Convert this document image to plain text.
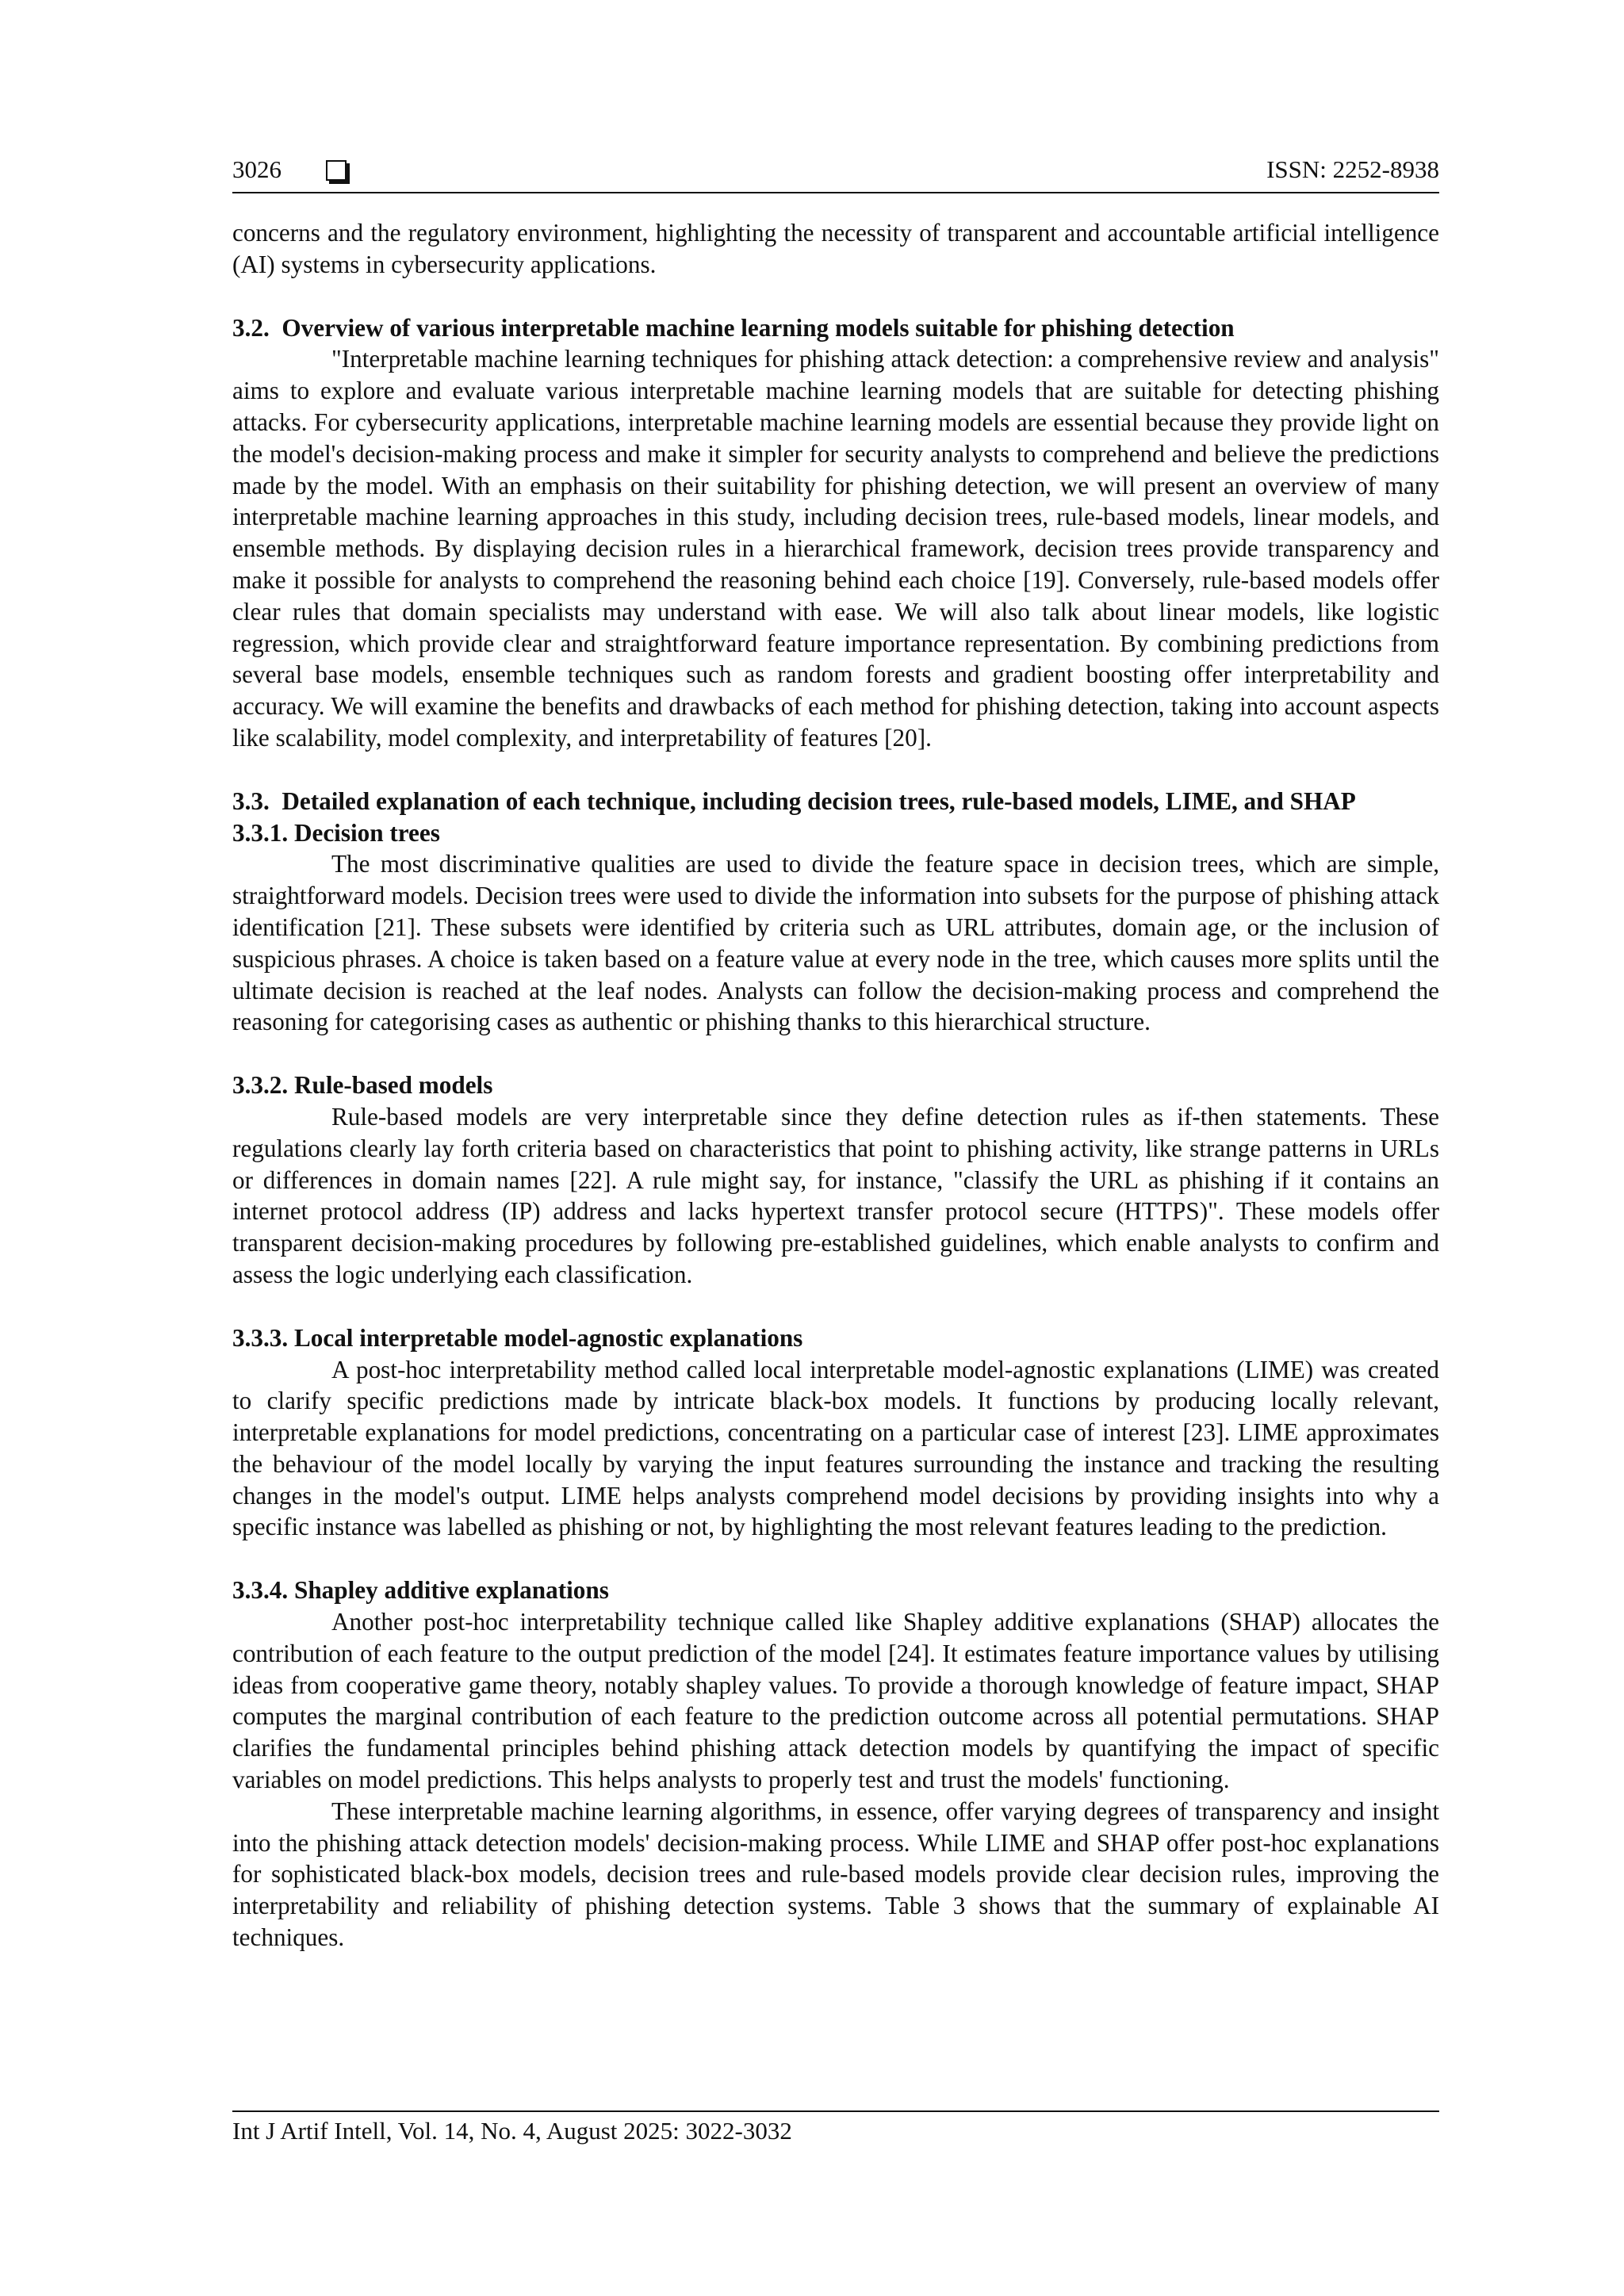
3026	ISSN: 2252-8938

concerns and the regulatory environment, highlighting the necessity of transparent and accountable artificial intelligence (AI) systems in cybersecurity applications.

3.2.  Overview of various interpretable machine learning models suitable for phishing detection

"Interpretable machine learning techniques for phishing attack detection: a comprehensive review and analysis" aims to explore and evaluate various interpretable machine learning models that are suitable for detecting phishing attacks. For cybersecurity applications, interpretable machine learning models are essential because they provide light on the model's decision-making process and make it simpler for security analysts to comprehend and believe the predictions made by the model. With an emphasis on their suitability for phishing detection, we will present an overview of many interpretable machine learning approaches in this study, including decision trees, rule-based models, linear models, and ensemble methods. By displaying decision rules in a hierarchical framework, decision trees provide transparency and make it possible for analysts to comprehend the reasoning behind each choice [19]. Conversely, rule-based models offer clear rules that domain specialists may understand with ease. We will also talk about linear models, like logistic regression, which provide clear and straightforward feature importance representation. By combining predictions from several base models, ensemble techniques such as random forests and gradient boosting offer interpretability and accuracy. We will examine the benefits and drawbacks of each method for phishing detection, taking into account aspects like scalability, model complexity, and interpretability of features [20].

3.3.  Detailed explanation of each technique, including decision trees, rule-based models, LIME, and SHAP
3.3.1. Decision trees

The most discriminative qualities are used to divide the feature space in decision trees, which are simple, straightforward models. Decision trees were used to divide the information into subsets for the purpose of phishing attack identification [21]. These subsets were identified by criteria such as URL attributes, domain age, or the inclusion of suspicious phrases. A choice is taken based on a feature value at every node in the tree, which causes more splits until the ultimate decision is reached at the leaf nodes. Analysts can follow the decision-making process and comprehend the reasoning for categorising cases as authentic or phishing thanks to this hierarchical structure.

3.3.2. Rule-based models

Rule-based models are very interpretable since they define detection rules as if-then statements. These regulations clearly lay forth criteria based on characteristics that point to phishing activity, like strange patterns in URLs or differences in domain names [22]. A rule might say, for instance, "classify the URL as phishing if it contains an internet protocol address (IP) address and lacks hypertext transfer protocol secure (HTTPS)". These models offer transparent decision-making procedures by following pre-established guidelines, which enable analysts to confirm and assess the logic underlying each classification.

3.3.3. Local interpretable model-agnostic explanations

A post-hoc interpretability method called local interpretable model-agnostic explanations (LIME) was created to clarify specific predictions made by intricate black-box models. It functions by producing locally relevant, interpretable explanations for model predictions, concentrating on a particular case of interest [23]. LIME approximates the behaviour of the model locally by varying the input features surrounding the instance and tracking the resulting changes in the model's output. LIME helps analysts comprehend model decisions by providing insights into why a specific instance was labelled as phishing or not, by highlighting the most relevant features leading to the prediction.

3.3.4. Shapley additive explanations

Another post-hoc interpretability technique called like Shapley additive explanations (SHAP) allocates the contribution of each feature to the output prediction of the model [24]. It estimates feature importance values by utilising ideas from cooperative game theory, notably shapley values. To provide a thorough knowledge of feature impact, SHAP computes the marginal contribution of each feature to the prediction outcome across all potential permutations. SHAP clarifies the fundamental principles behind phishing attack detection models by quantifying the impact of specific variables on model predictions. This helps analysts to properly test and trust the models' functioning.

These interpretable machine learning algorithms, in essence, offer varying degrees of transparency and insight into the phishing attack detection models' decision-making process. While LIME and SHAP offer post-hoc explanations for sophisticated black-box models, decision trees and rule-based models provide clear decision rules, improving the interpretability and reliability of phishing detection systems. Table 3 shows that the summary of explainable AI techniques.

Int J Artif Intell, Vol. 14, No. 4, August 2025: 3022-3032
